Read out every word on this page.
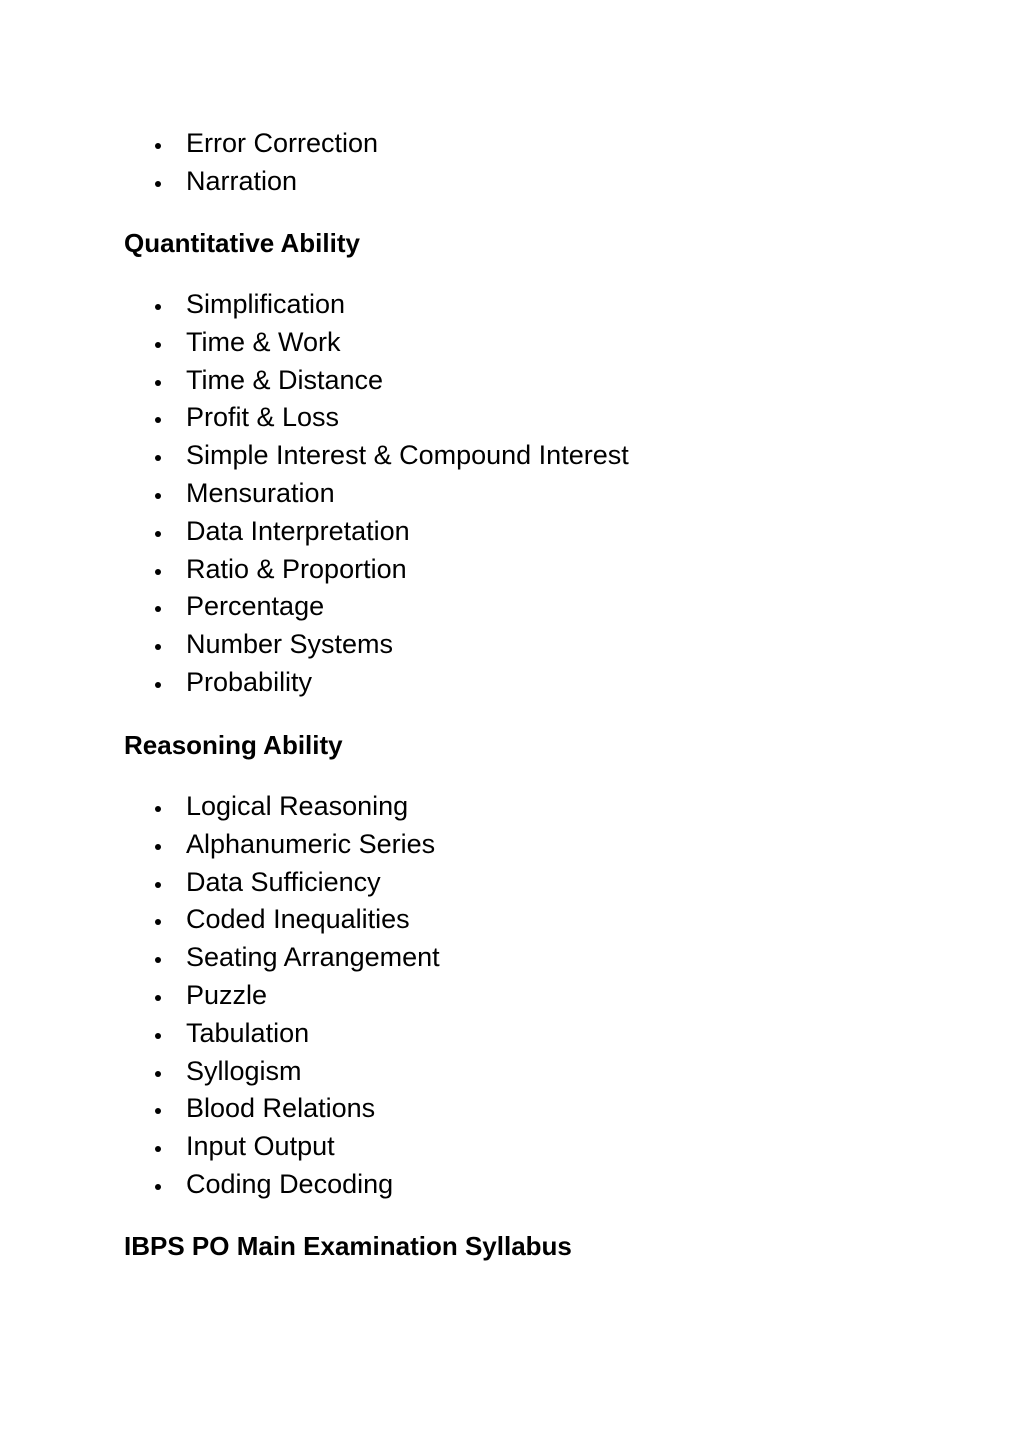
Error Correction
Narration
Quantitative Ability
Simplification
Time & Work
Time & Distance
Profit & Loss
Simple Interest & Compound Interest
Mensuration
Data Interpretation
Ratio & Proportion
Percentage
Number Systems
Probability
Reasoning Ability
Logical Reasoning
Alphanumeric Series
Data Sufficiency
Coded Inequalities
Seating Arrangement
Puzzle
Tabulation
Syllogism
Blood Relations
Input Output
Coding Decoding
IBPS PO Main Examination Syllabus
